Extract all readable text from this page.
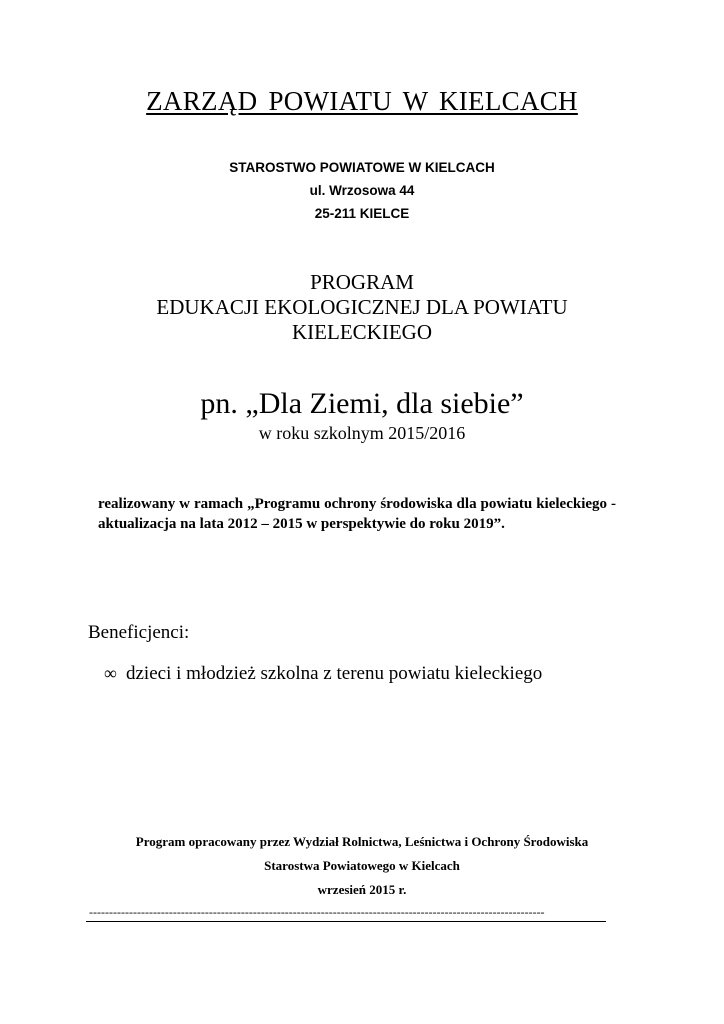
ZARZĄD POWIATU W KIELCACH
STAROSTWO POWIATOWE W KIELCACH
ul. Wrzosowa 44
25-211 KIELCE
PROGRAM
EDUKACJI EKOLOGICZNEJ DLA POWIATU
KIELECKIEGO
pn. „Dla Ziemi, dla siebie”
w roku szkolnym 2015/2016

realizowany w ramach „Programu ochrony środowiska dla powiatu kieleckiego - aktualizacja na lata 2012 – 2015 w perspektywie do roku 2019”.

Beneficjenci:

∞ dzieci i młodzież szkolna z terenu powiatu kieleckiego
Program opracowany przez Wydział Rolnictwa, Leśnictwa i Ochrony Środowiska
Starostwa Powiatowego w Kielcach
wrzesień 2015 r.
------------------------------------------------------------------------------------------------------------------
